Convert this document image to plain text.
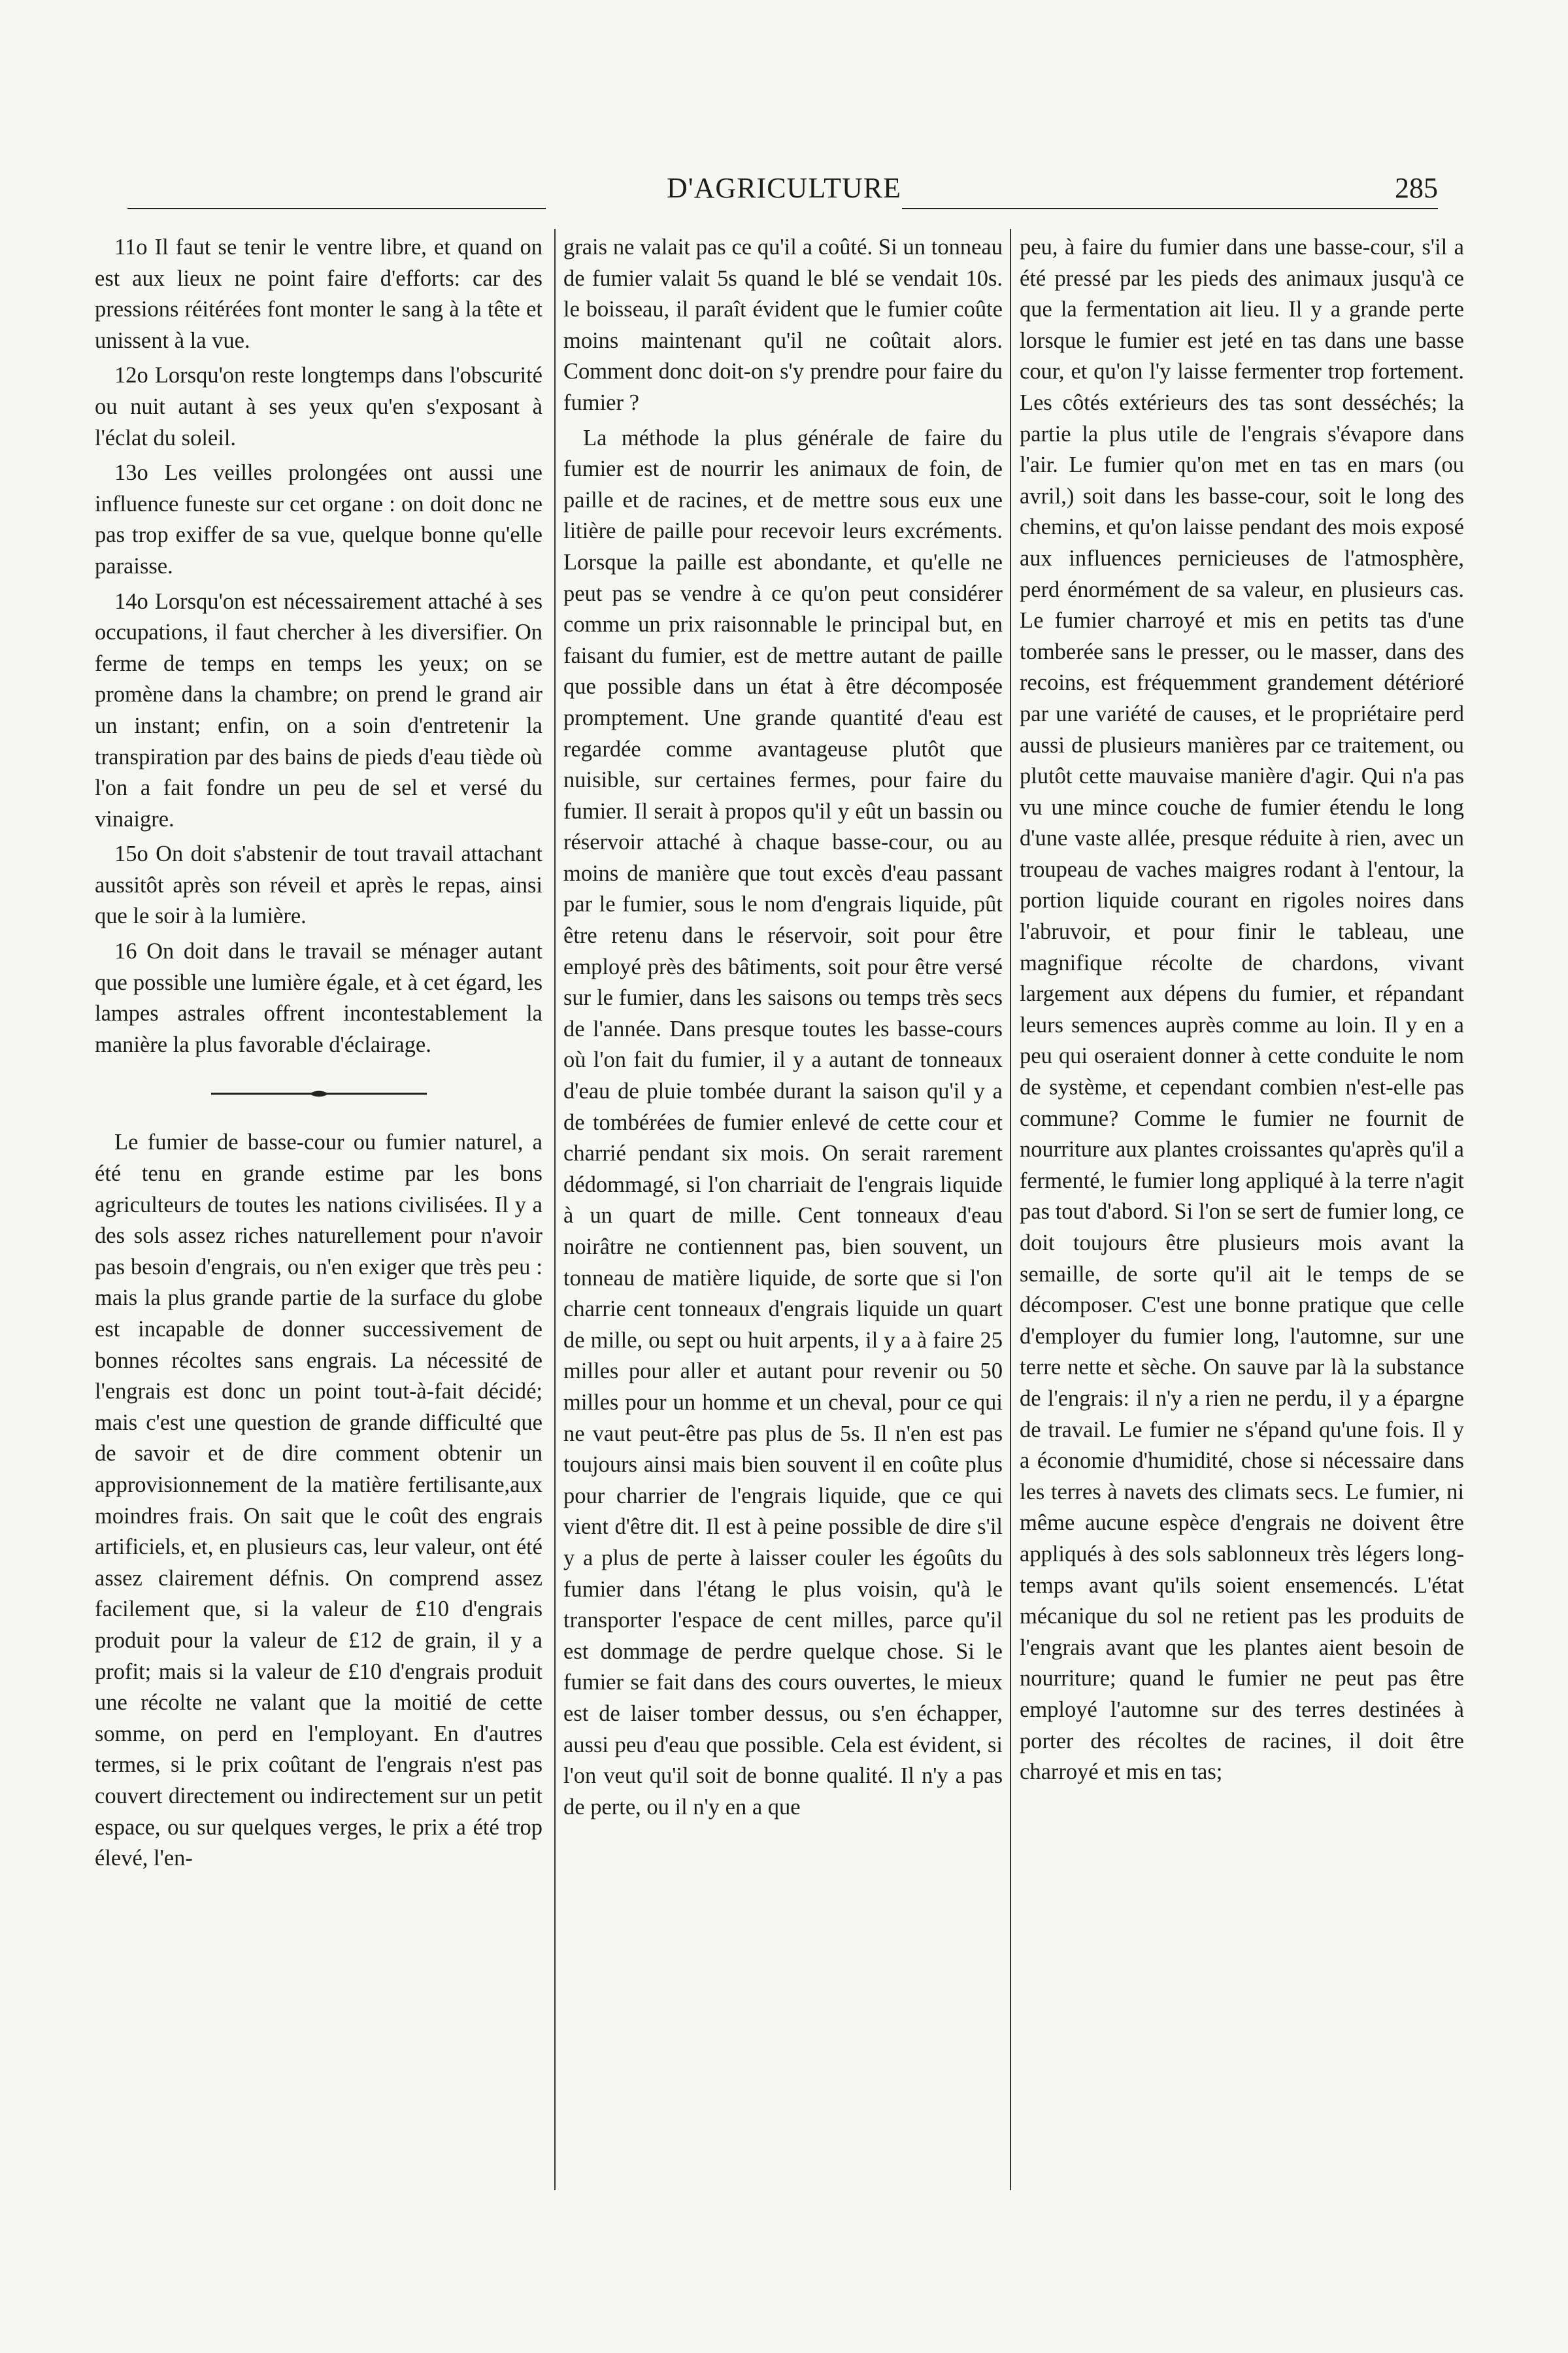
D'AGRICULTURE	285

11o Il faut se tenir le ventre libre, et quand on est aux lieux ne point faire d'efforts: car des pressions réitérées font monter le sang à la tête et unissent à la vue.

12o Lorsqu'on reste longtemps dans l'obscurité ou nuit autant à ses yeux qu'en s'exposant à l'éclat du soleil.

13o Les veilles prolongées ont aussi une influence funeste sur cet organe : on doit donc ne pas trop exiffer de sa vue, quelque bonne qu'elle paraisse.

14o Lorsqu'on est nécessairement attaché à ses occupations, il faut chercher à les diversifier. On ferme de temps en temps les yeux; on se promène dans la chambre; on prend le grand air un instant; enfin, on a soin d'entretenir la transpiration par des bains de pieds d'eau tiède où l'on a fait fondre un peu de sel et versé du vinaigre.

15o On doit s'abstenir de tout travail attachant aussitôt après son réveil et après le repas, ainsi que le soir à la lumière.

16 On doit dans le travail se ménager autant que possible une lumière égale, et à cet égard, les lampes astrales offrent incontestablement la manière la plus favorable d'éclairage.

Le fumier de basse-cour ou fumier naturel, a été tenu en grande estime par les bons agriculteurs de toutes les nations civilisées. Il y a des sols assez riches naturellement pour n'avoir pas besoin d'engrais, ou n'en exiger que très peu : mais la plus grande partie de la surface du globe est incapable de donner successivement de bonnes récoltes sans engrais. La nécessité de l'engrais est donc un point tout-à-fait décidé; mais c'est une question de grande difficulté que de savoir et de dire comment obtenir un approvisionnement de la matière fertilisante,aux moindres frais. On sait que le coût des engrais artificiels, et, en plusieurs cas, leur valeur, ont été assez clairement défnis. On comprend assez facilement que, si la valeur de £10 d'engrais produit pour la valeur de £12 de grain, il y a profit; mais si la valeur de £10 d'engrais produit une récolte ne valant que la moitié de cette somme, on perd en l'employant. En d'autres termes, si le prix coûtant de l'engrais n'est pas couvert directement ou indirectement sur un petit espace, ou sur quelques verges, le prix a été trop élevé, l'en-

grais ne valait pas ce qu'il a coûté. Si un tonneau de fumier valait 5s quand le blé se vendait 10s. le boisseau, il paraît évident que le fumier coûte moins maintenant qu'il ne coûtait alors. Comment donc doit-on s'y prendre pour faire du fumier ?

La méthode la plus générale de faire du fumier est de nourrir les animaux de foin, de paille et de racines, et de mettre sous eux une litière de paille pour recevoir leurs excréments. Lorsque la paille est abondante, et qu'elle ne peut pas se vendre à ce qu'on peut considérer comme un prix raisonnable le principal but, en faisant du fumier, est de mettre autant de paille que possible dans un état à être décomposée promptement. Une grande quantité d'eau est regardée comme avantageuse plutôt que nuisible, sur certaines fermes, pour faire du fumier. Il serait à propos qu'il y eût un bassin ou réservoir attaché à chaque basse-cour, ou au moins de manière que tout excès d'eau passant par le fumier, sous le nom d'engrais liquide, pût être retenu dans le réservoir, soit pour être employé près des bâtiments, soit pour être versé sur le fumier, dans les saisons ou temps très secs de l'année. Dans presque toutes les basse-cours où l'on fait du fumier, il y a autant de tonneaux d'eau de pluie tombée durant la saison qu'il y a de tombérées de fumier enlevé de cette cour et charrié pendant six mois. On serait rarement dédommagé, si l'on charriait de l'engrais liquide à un quart de mille. Cent tonneaux d'eau noirâtre ne contiennent pas, bien souvent, un tonneau de matière liquide, de sorte que si l'on charrie cent tonneaux d'engrais liquide un quart de mille, ou sept ou huit arpents, il y a à faire 25 milles pour aller et autant pour revenir ou 50 milles pour un homme et un cheval, pour ce qui ne vaut peut-être pas plus de 5s. Il n'en est pas toujours ainsi mais bien souvent il en coûte plus pour charrier de l'engrais liquide, que ce qui vient d'être dit. Il est à peine possible de dire s'il y a plus de perte à laisser couler les égoûts du fumier dans l'étang le plus voisin, qu'à le transporter l'espace de cent milles, parce qu'il est dommage de perdre quelque chose. Si le fumier se fait dans des cours ouvertes, le mieux est de laiser tomber dessus, ou s'en échapper, aussi peu d'eau que possible. Cela est évident, si l'on veut qu'il soit de bonne qualité. Il n'y a pas de perte, ou il n'y en a que

peu, à faire du fumier dans une basse-cour, s'il a été pressé par les pieds des animaux jusqu'à ce que la fermentation ait lieu. Il y a grande perte lorsque le fumier est jeté en tas dans une basse cour, et qu'on l'y laisse fermenter trop fortement. Les côtés extérieurs des tas sont desséchés; la partie la plus utile de l'engrais s'évapore dans l'air. Le fumier qu'on met en tas en mars (ou avril,) soit dans les basse-cour, soit le long des chemins, et qu'on laisse pendant des mois exposé aux influences pernicieuses de l'atmosphère, perd énormément de sa valeur, en plusieurs cas. Le fumier charroyé et mis en petits tas d'une tomberée sans le presser, ou le masser, dans des recoins, est fréquemment grandement détérioré par une variété de causes, et le propriétaire perd aussi de plusieurs manières par ce traitement, ou plutôt cette mauvaise manière d'agir. Qui n'a pas vu une mince couche de fumier étendu le long d'une vaste allée, presque réduite à rien, avec un troupeau de vaches maigres rodant à l'entour, la portion liquide courant en rigoles noires dans l'abruvoir, et pour finir le tableau, une magnifique récolte de chardons, vivant largement aux dépens du fumier, et répandant leurs semences auprès comme au loin. Il y en a peu qui oseraient donner à cette conduite le nom de système, et cependant combien n'est-elle pas commune? Comme le fumier ne fournit de nourriture aux plantes croissantes qu'après qu'il a fermenté, le fumier long appliqué à la terre n'agit pas tout d'abord. Si l'on se sert de fumier long, ce doit toujours être plusieurs mois avant la semaille, de sorte qu'il ait le temps de se décomposer. C'est une bonne pratique que celle d'employer du fumier long, l'automne, sur une terre nette et sèche. On sauve par là la substance de l'engrais: il n'y a rien ne perdu, il y a épargne de travail. Le fumier ne s'épand qu'une fois. Il y a économie d'humidité, chose si nécessaire dans les terres à navets des climats secs. Le fumier, ni même aucune espèce d'engrais ne doivent être appliqués à des sols sablonneux très légers long-temps avant qu'ils soient ensemencés. L'état mécanique du sol ne retient pas les produits de l'engrais avant que les plantes aient besoin de nourriture; quand le fumier ne peut pas être employé l'automne sur des terres destinées à porter des récoltes de racines, il doit être charroyé et mis en tas;
